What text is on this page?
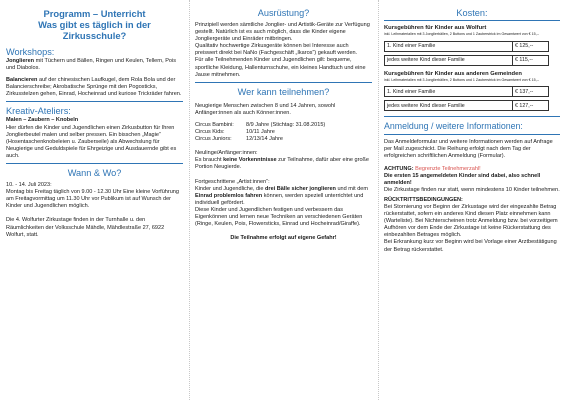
Programm – Unterricht
Was gibt es täglich in der Zirkusschule?
Workshops:
Jonglieren mit Tüchern und Bällen, Ringen und Keulen, Tellern, Pois und Diabolos.
Balancieren auf der chinesischen Laufkugel, dem Rola Bola und der Balancierschreibe; Akrobatische Sprünge mit den Pogosticks, Zirkusstelzen gehen, Einrad, Hocheinrad und kuriose Trickräder fahren.
Kreativ-Ateliers:
Malen – Zaubern – Knobeln
Hier dürfen die Kinder und Jugendlichen einen Zirkusbutton für Ihren Jonglierbeutel malen und selber pressen. Ein bisschen „Magie“ (Hosentaschenknobeleien u. Zauberseile) als Abwechslung für Neugierige und Geduldspiele für Ehrgeizige und Ausdauernde gibt es auch.
Wann & Wo?
10. - 14. Juli 2023:
Montag bis Freitag täglich von 9.00 - 12.30 Uhr Eine kleine Vorführung am Freitagvormittag um 11.30 Uhr vor Publikum ist auf Wunsch der Kinder und Jugendlichen möglich.
Die 4. Wolfurter Zirkustage finden in der Turnhalle u. den Räumlichkeiten der Volksschule Mähdle, Mähdlestraße 27, 6922 Wolfurt, statt.
Ausrüstung?
Prinzipiell werden sämtliche Jonglier- und Artistik-Geräte zur Verfügung gestellt. Natürlich ist es auch möglich, dass die Kinder eigene Jongliergeräte und Einräder mitbringen.
Qualitativ hochwertige Zirkusgeräte können bei Interesse auch preiswert direkt bei NaNo (Fachgeschäft „Ikaros“) gekauft werden.
Für alle Teilnehmenden Kinder und Jugendlichen gilt: bequeme, sportliche Kleidung, Hallenturnschuhe, ein kleines Handtuch und eine Jause mitnehmen.
Wer kann teilnehmen?
Neugierige Menschen zwischen 8 und 14 Jahren, sowohl Anfänger:innen als auch Könner:innen.
Circus Bambini:	8/9 Jahre (Stichtag: 31.08.2015)
Circus Kids:	10/11 Jahre
Circus Juniors:	12/13/14 Jahre
Neulinge/Anfänger:innen:
Es braucht keine Vorkenntnisse zur Teilnahme, dafür aber eine große Portion Neugierde.
Fortgeschrittene „Artist:innen“:
Kinder und Jugendliche, die drei Bälle sicher jonglieren und mit dem Einrad problemlos fahren können, werden speziell unterrichtet und individuell gefördert.
Diese Kinder und Jugendlichen festigen und verbessern das Eigenkönnen und lernen neue Techniken an verschiedenen Geräten (Ringe, Keulen, Pois, Flowersticks, Einrad und Hocheinrad/Giraffe).
Die Teilnahme erfolgt auf eigene Gefahr!
Kosten:
Kursgebühren für Kinder aus Wolfurt
inkl. Leihmaterialien mit 3 Jonglierbällen, 2 Buttons und 1 Zauberstrick im Gesamtwert von € 15,--
1. Kind einer Familie	€ 125,--

jedes weitere Kind dieser Familie	€ 115,--
Kursgebühren für Kinder aus anderen Gemeinden
inkl. Leihmaterialien mit 3 Jonglierbällen, 2 Buttons und 1 Zauberstrick im Gesamtwert von € 15,--
1. Kind einer Familie	€ 137,--

jedes weitere Kind dieser Familie	€ 127,--
Anmeldung / weitere Informationen:
Das Anmeldeformular und weitere Informationen werden auf Anfrage per Mail zugeschickt. Die Reihung erfolgt nach dem Tag der erfolgreichen schriftlichen Anmeldung (Formular).
ACHTUNG: Begrenzte Teilnehmerzahl!
Die ersten 15 angemeldeten Kinder sind dabei, also schnell anmelden!
Die Zirkustage finden nur statt, wenn mindestens 10 Kinder teilnehmen.
RÜCKTRITTSBEDINGUNGEN:
Bei Stornierung vor Beginn der Zirkustage wird der eingezahlte Betrag rückerstattet, sofern ein anderes Kind diesen Platz einnehmen kann (Warteliste). Bei Nichterscheinen trotz Anmeldung bzw. bei vorzeitigem Aufhören vor dem Ende der Zirkustage ist keine Rückerstattung des einbezahlten Betrages möglich.
Bei Erkrankung kurz vor Beginn wird bei Vorlage einer Arztbestätigung der Betrag rückerstattet.
